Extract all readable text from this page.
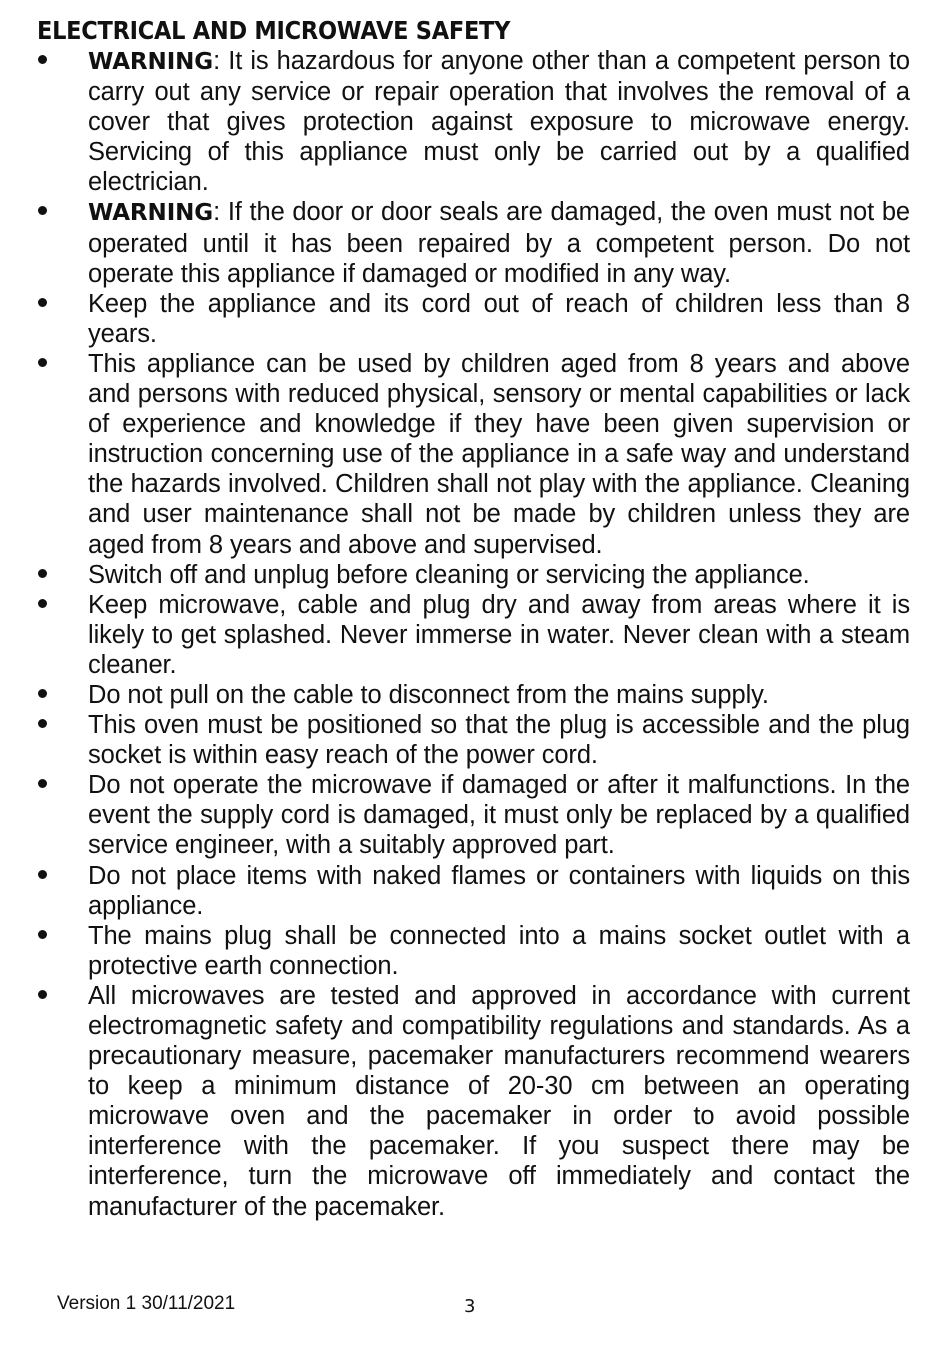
ELECTRICAL AND MICROWAVE SAFETY
WARNING: It is hazardous for anyone other than a competent person to carry out any service or repair operation that involves the removal of a cover that gives protection against exposure to microwave energy. Servicing of this appliance must only be carried out by a qualified electrician.
WARNING: If the door or door seals are damaged, the oven must not be operated until it has been repaired by a competent person. Do not operate this appliance if damaged or modified in any way.
Keep the appliance and its cord out of reach of children less than 8 years.
This appliance can be used by children aged from 8 years and above and persons with reduced physical, sensory or mental capabilities or lack of experience and knowledge if they have been given supervision or instruction concerning use of the appliance in a safe way and understand the hazards involved. Children shall not play with the appliance. Cleaning and user maintenance shall not be made by children unless they are aged from 8 years and above and supervised.
Switch off and unplug before cleaning or servicing the appliance.
Keep microwave, cable and plug dry and away from areas where it is likely to get splashed. Never immerse in water. Never clean with a steam cleaner.
Do not pull on the cable to disconnect from the mains supply.
This oven must be positioned so that the plug is accessible and the plug socket is within easy reach of the power cord.
Do not operate the microwave if damaged or after it malfunctions. In the event the supply cord is damaged, it must only be replaced by a qualified service engineer, with a suitably approved part.
Do not place items with naked flames or containers with liquids on this appliance.
The mains plug shall be connected into a mains socket outlet with a protective earth connection.
All microwaves are tested and approved in accordance with current electromagnetic safety and compatibility regulations and standards. As a precautionary measure, pacemaker manufacturers recommend wearers to keep a minimum distance of 20-30 cm between an operating microwave oven and the pacemaker in order to avoid possible interference with the pacemaker. If you suspect there may be interference, turn the microwave off immediately and contact the manufacturer of the pacemaker.
Version 1 30/11/2021	3
